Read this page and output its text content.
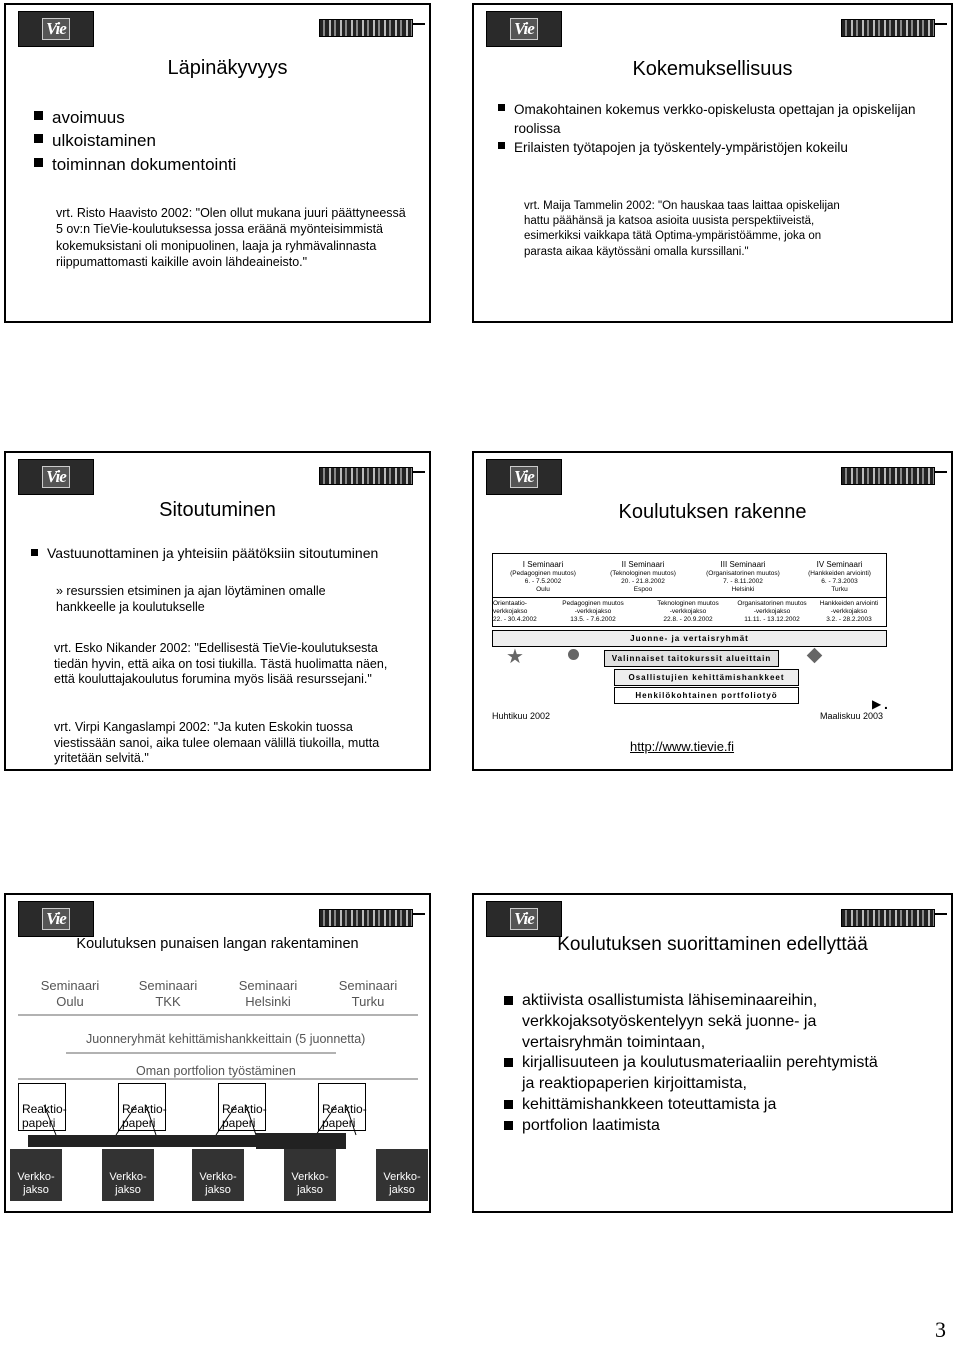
Vie
Läpinäkyvyys
avoimuus
ulkoistaminen
toiminnan dokumentointi
vrt. Risto Haavisto 2002: "Olen ollut mukana juuri päättyneessä 5 ov:n TieVie-koulutuksessa jossa eräänä myönteisimmistä kokemuksistani oli monipuolinen, laaja ja ryhmävalinnasta riippumattomasti kaikille avoin lähdeaineisto."
Vie
Kokemuksellisuus
Omakohtainen kokemus verkko-opiskelusta opettajan ja opiskelijan roolissa
Erilaisten työtapojen ja työskentely-ympäristöjen kokeilu
vrt. Maija Tammelin 2002: "On hauskaa taas laittaa opiskelijan hattu päähänsä ja katsoa asioita uusista perspektiiveistä, esimerkiksi vaikkapa tätä Optima-ympäristöämme, joka on parasta aikaa käytössäni omalla kurssillani."
Vie
Sitoutuminen
Vastuunottaminen ja yhteisiin päätöksiin sitoutuminen
» resurssien etsiminen ja ajan löytäminen omalle hankkeelle ja koulutukselle
vrt. Esko Nikander 2002: "Edellisestä TieVie-koulutuksesta tiedän hyvin, että aika on tosi tiukilla. Tästä huolimatta näen, että kouluttajakoulutus forumina myös lisää resurssejani."
vrt. Virpi Kangaslampi 2002: "Ja kuten Eskokin tuossa viestissään sanoi, aika tulee olemaan välillä tiukoilla, mutta yritetään selvitä."
Vie
Koulutuksen rakenne
I Seminaari
(Pedagoginen muutos)
6. - 7.5.2002
Oulu
II Seminaari
(Teknologinen muutos)
20. - 21.8.2002
Espoo
III Seminaari
(Organisatorinen muutos)
7. - 8.11.2002
Helsinki
IV Seminaari
(Hankkeiden arviointi)
6. - 7.3.2003
Turku
Orientaatio-
verkkojakso
22. - 30.4.2002
Pedagoginen muutos
-verkkojakso
13.5. - 7.6.2002
Teknologinen muutos
-verkkojakso
22.8. - 20.9.2002
Organisatorinen muutos
-verkkojakso
11.11. - 13.12.2002
Hankkeiden arviointi
-verkkojakso
3.2. - 28.2.2003
Juonne- ja vertaisryhmät
★	Valinnaiset taitokurssit alueittain
Osallistujien kehittämishankkeet
Henkilökohtainen portfoliotyö
▶ .
Huhtikuu 2002	Maaliskuu 2003
http://www.tievie.fi
Vie
Koulutuksen punaisen langan rakentaminen
Seminaari
Oulu
Seminaari
TKK
Seminaari
Helsinki
Seminaari
Turku
Juonneryhmät kehittämishankkeittain (5 juonnetta)
Oman portfolion työstäminen
Reaktio-
paperi
Reaktio-
paperi
Reaktio-
paperi
Reaktio-
paperi
Verkko-
jakso
Verkko-
jakso
Verkko-
jakso
Verkko-
jakso
Verkko-
jakso
Vie
Koulutuksen suorittaminen edellyttää
aktiivista osallistumista lähiseminaareihin, verkkojaksotyöskentelyyn sekä juonne- ja vertaisryhmän toimintaan,
kirjallisuuteen ja koulutusmateriaaliin perehtymistä ja reaktiopaperien kirjoittamista,
kehittämishankkeen toteuttamista ja
portfolion laatimista
3
